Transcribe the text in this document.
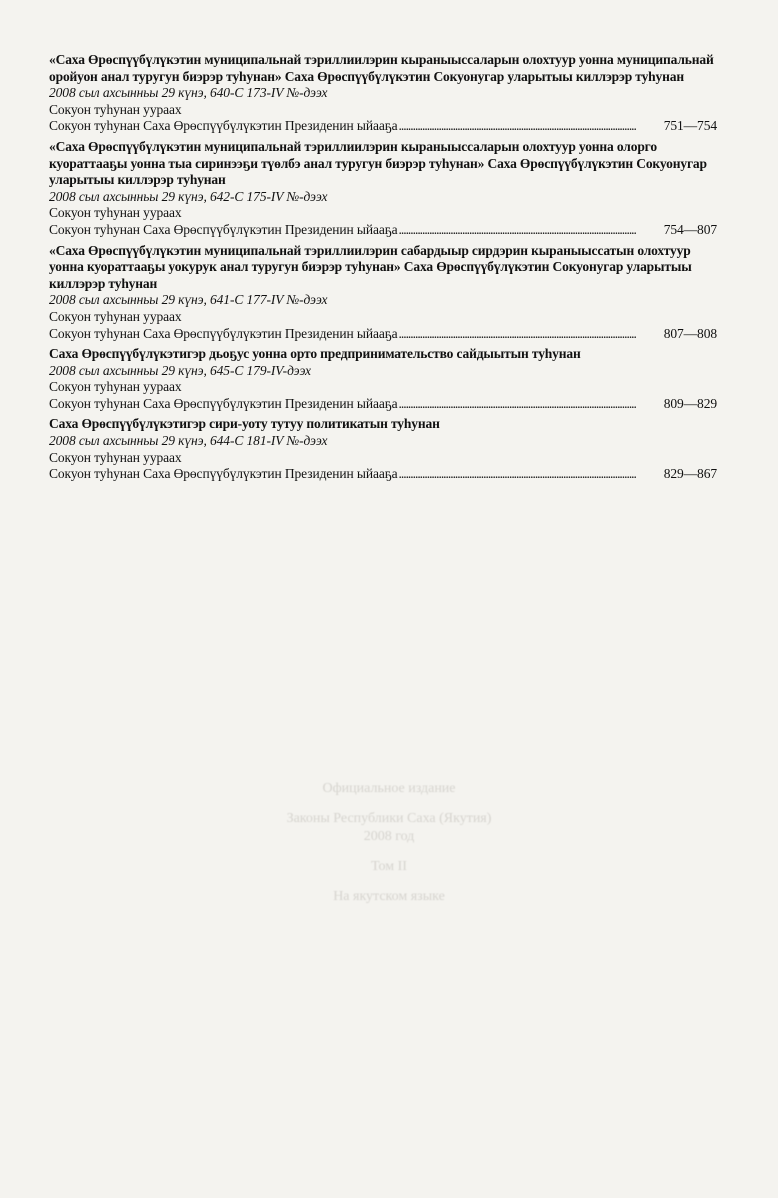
«Саха Өрөспүүбүлүкэтин муниципальнай тэриллиилэрин кыраныыссаларын олохтуур уонна муниципальнай оройуон анал туругун биэрэр туһунан» Саха Өрөспүүбүлүкэтин Сокуонугар уларытыы киллэрэр туһунан
2008 сыл ахсынньы 29 күнэ, 640-С 173-IV №-дээх
Сокуон туһунан уураах
Сокуон туһунан Саха Өрөспүүбүлүкэтин Президенин ыйааҕа . . .	751—754
«Саха Өрөспүүбүлүкэтин муниципальнай тэриллиилэрин кыраныыссаларын олохтуур уонна олорго куораттааҕы уонна тыа сиринээҕи түөлбэ анал туругун биэрэр туһунан» Саха Өрөспүүбүлүкэтин Сокуонугар уларытыы киллэрэр туһунан
2008 сыл ахсынньы 29 күнэ, 642-С 175-IV №-дээх
Сокуон туһунан уураах
Сокуон туһунан Саха Өрөспүүбүлүкэтин Президенин ыйааҕа . . .	754—807
«Саха Өрөспүүбүлүкэтин муниципальнай тэриллиилэрин сабардыыр сирдэрин кыраныыссатын олохтуур уонна куораттааҕы уокурук анал туругун биэрэр туһунан» Саха Өрөспүүбүлүкэтин Сокуонугар уларытыы киллэрэр туһунан
2008 сыл ахсынньы 29 күнэ, 641-С 177-IV №-дээх
Сокуон туһунан уураах
Сокуон туһунан Саха Өрөспүүбүлүкэтин Президенин ыйааҕа . . .	807—808
Саха Өрөспүүбүлүкэтигэр дьоҕус уонна орто предпринимательство сайдыытын туһунан
2008 сыл ахсынньы 29 күнэ, 645-С 179-IV-дээх
Сокуон туһунан уураах
Сокуон туһунан Саха Өрөспүүбүлүкэтин Президенин ыйааҕа . . .	809—829
Саха Өрөспүүбүлүкэтигэр сири-уоту тутуу политикатын туһунан
2008 сыл ахсынньы 29 күнэ, 644-С 181-IV №-дээх
Сокуон туһунан уураах
Сокуон туһунан Саха Өрөспүүбүлүкэтин Президенин ыйааҕа . . .	829—867
Официальное издание
Законы Республики Саха (Якутия)
2008 год
Том II
На якутском языке
